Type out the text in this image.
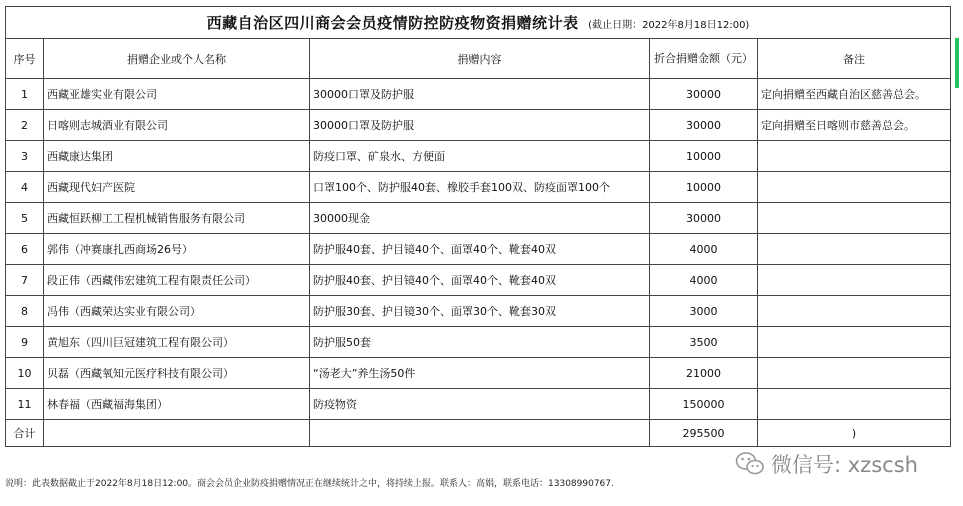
西藏自治区四川商会会员疫情防控防疫物资捐赠统计表 (截止日期：2022年8月18日12:00)				
序号	捐赠企业或个人名称	捐赠内容	折合捐赠金额（元）	备注
1	西藏亚雄实业有限公司	30000口罩及防护服	30000	定向捐赠至西藏自治区慈善总会。
2	日喀则志城酒业有限公司	30000口罩及防护服	30000	定向捐赠至日喀则市慈善总会。
3	西藏康达集团	防疫口罩、矿泉水、方便面	10000	
4	西藏现代妇产医院	口罩100个、防护服40套、橡胶手套100双、防疫面罩100个	10000	
5	西藏恒跃柳工工程机械销售服务有限公司	30000现金	30000	
6	郭伟（冲赛康扎西商场26号）	防护服40套、护目镜40个、面罩40个、靴套40双	4000	
7	段正伟（西藏伟宏建筑工程有限责任公司）	防护服40套、护目镜40个、面罩40个、靴套40双	4000	
8	冯伟（西藏荣达实业有限公司）	防护服30套、护目镜30个、面罩30个、靴套30双	3000	
9	黄旭东（四川巨冠建筑工程有限公司）	防护服50套	3500	
10	贝磊（西藏氧知元医疗科技有限公司）	“汤老大”养生汤50件	21000	
11	林春福（西藏福海集团）	防疫物资	150000	
合计			295500	)
说明：此表数据截止于2022年8月18日12:00。商会会员企业防疫捐赠情况正在继续统计之中，将持续上报。联系人：高娟，联系电话：13308990767.
微信号: xzscsh
